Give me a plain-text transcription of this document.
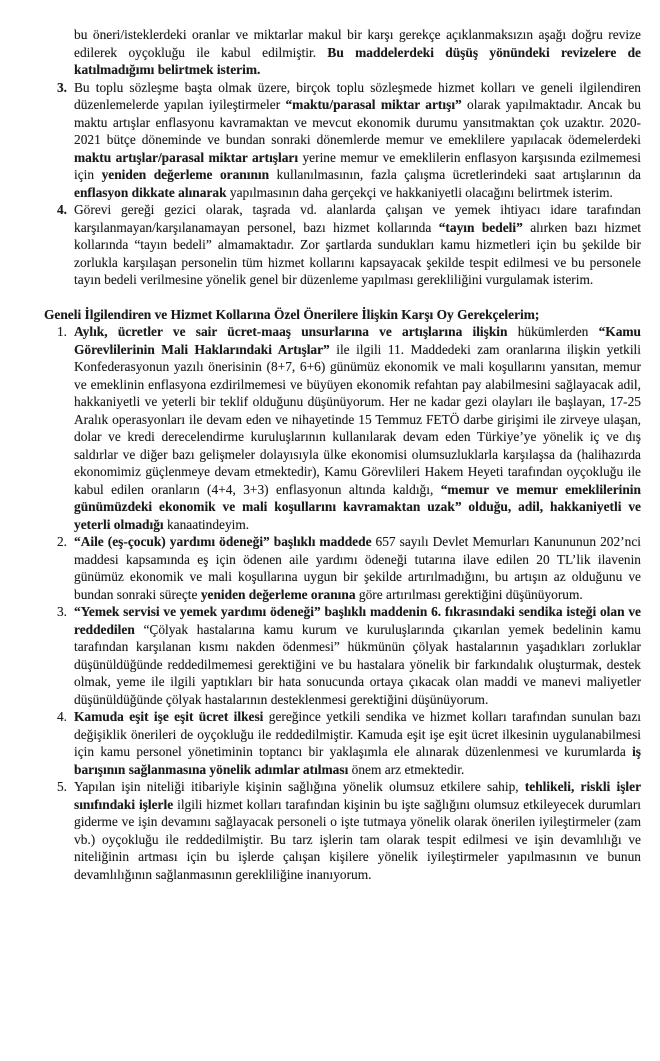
bu öneri/isteklerdeki oranlar ve miktarlar makul bir karşı gerekçe açıklanmaksızın aşağı doğru revize edilerek oyçokluğu ile kabul edilmiştir. Bu maddelerdeki düşüş yönündeki revizelere de katılmadığımı belirtmek isterim.

3. Bu toplu sözleşme başta olmak üzere, birçok toplu sözleşmede hizmet kolları ve geneli ilgilendiren düzenlemelerde yapılan iyileştirmeler “maktu/parasal miktar artışı” olarak yapılmaktadır. Ancak bu maktu artışlar enflasyonu kavramaktan ve mevcut ekonomik durumu yansıtmaktan çok uzaktır. 2020-2021 bütçe döneminde ve bundan sonraki dönemlerde memur ve emeklilere yapılacak ödemelerdeki maktu artışlar/parasal miktar artışları yerine memur ve emeklilerin enflasyon karşısında ezilmemesi için yeniden değerleme oranının kullanılmasının, fazla çalışma ücretlerindeki saat artışlarının da enflasyon dikkate alınarak yapılmasının daha gerçekçi ve hakkaniyetli olacağını belirtmek isterim.
4. Görevi gereği gezici olarak, taşrada vd. alanlarda çalışan ve yemek ihtiyacı idare tarafından karşılanmayan/karşılanamayan personel, bazı hizmet kollarında “tayın bedeli” alırken bazı hizmet kollarında “tayın bedeli” almamaktadır. Zor şartlarda sundukları kamu hizmetleri için bu şekilde bir zorlukla karşılaşan personelin tüm hizmet kollarını kapsayacak şekilde tespit edilmesi ve bu personele tayın bedeli verilmesine yönelik genel bir düzenleme yapılması gerekliliğini vurgulamak isterim.
Geneli İlgilendiren ve Hizmet Kollarına Özel Önerilere İlişkin Karşı Oy Gerekçelerim;
1. Aylık, ücretler ve sair ücret-maaş unsurlarına ve artışlarına ilişkin hükümlerden “Kamu Görevlilerinin Mali Haklarındaki Artışlar” ile ilgili 11. Maddedeki zam oranlarına ilişkin yetkili Konfederasyonun yazılı önerisinin (8+7, 6+6) günümüz ekonomik ve mali koşullarını yansıtan, memur ve emeklinin enflasyona ezdirilmemesi ve büyüyen ekonomik refahtan pay alabilmesini sağlayacak adil, hakkaniyetli ve yeterli bir teklif olduğunu düşünüyorum. Her ne kadar gezi olayları ile başlayan, 17-25 Aralık operasyonları ile devam eden ve nihayetinde 15 Temmuz FETÖ darbe girişimi ile zirveye ulaşan, dolar ve kredi derecelendirme kuruluşlarının kullanılarak devam eden Türkiye’ye yönelik iç ve dış saldırlar ve diğer bazı gelişmeler dolayısıyla ülke ekonomisi olumsuzluklarla karşılaşsa da (halihazırda ekonomimiz güçlenmeye devam etmektedir), Kamu Görevlileri Hakem Heyeti tarafından oyçokluğu ile kabul edilen oranların (4+4, 3+3) enflasyonun altında kaldığı, “memur ve memur emeklilerinin günümüzdeki ekonomik ve mali koşullarını kavramaktan uzak” olduğu, adil, hakkaniyetli ve yeterli olmadığı kanaatindeyim.
2. “Aile (eş-çocuk) yardımı ödeneği” başlıklı maddede 657 sayılı Devlet Memurları Kanununun 202’nci maddesi kapsamında eş için ödenen aile yardımı ödeneği tutarına ilave edilen 20 TL’lik ilavenin günümüz ekonomik ve mali koşullarına uygun bir şekilde artırılmadığını, bu artışın az olduğunu ve bundan sonraki süreçte yeniden değerleme oranına göre artırılması gerektiğini düşünüyorum.
3. “Yemek servisi ve yemek yardımı ödeneği” başlıklı maddenin 6. fıkrasındaki sendika isteği olan ve reddedilen “Çölyak hastalarına kamu kurum ve kuruluşlarında çıkarılan yemek bedelinin kamu tarafından karşılanan kısmı nakden ödenmesi” hükmünün çölyak hastalarının yaşadıkları zorluklar düşünüldüğünde reddedilmemesi gerektiğini ve bu hastalara yönelik bir farkındalık oluşturmak, destek olmak, yeme ile ilgili yaptıkları bir hata sonucunda ortaya çıkacak olan maddi ve manevi maliyetler düşünüldüğünde çölyak hastalarının desteklenmesi gerektiğini düşünüyorum.
4. Kamuda eşit işe eşit ücret ilkesi gereğince yetkili sendika ve hizmet kolları tarafından sunulan bazı değişiklik önerileri de oyçokluğu ile reddedilmiştir. Kamuda eşit işe eşit ücret ilkesinin uygulanabilmesi için kamu personel yönetiminin toptancı bir yaklaşımla ele alınarak düzenlenmesi ve kurumlarda iş barışının sağlanmasına yönelik adımlar atılması önem arz etmektedir.
5. Yapılan işin niteliği itibariyle kişinin sağlığına yönelik olumsuz etkilere sahip, tehlikeli, riskli işler sınıfındaki işlerle ilgili hizmet kolları tarafından kişinin bu işte sağlığını olumsuz etkileyecek durumları giderme ve işin devamını sağlayacak personeli o işte tutmaya yönelik olarak önerilen iyileştirmeler (zam vb.) oyçokluğu ile reddedilmiştir. Bu tarz işlerin tam olarak tespit edilmesi ve işin devamlılığı ve niteliğinin artması için bu işlerde çalışan kişilere yönelik iyileştirmeler yapılmasının ve bunun devamlılığının sağlanmasının gerekliliğine inanıyorum.
